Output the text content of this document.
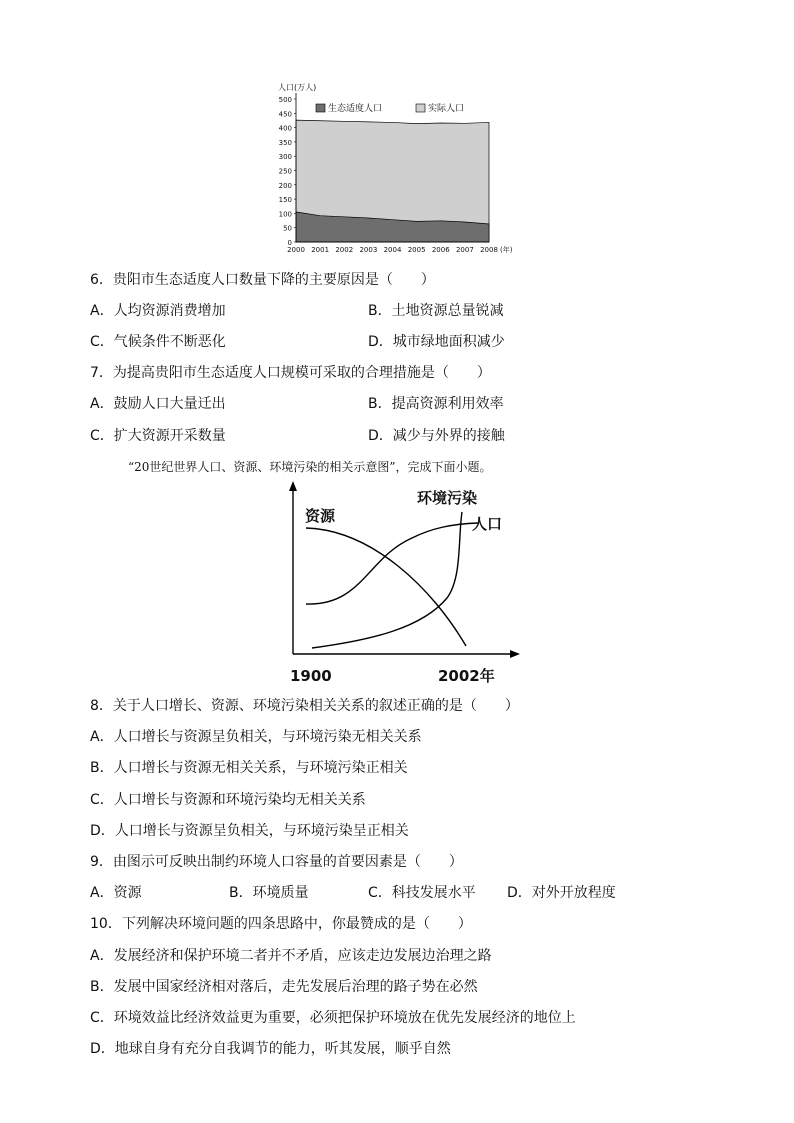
0
50
100
150
200
250
300
350
400
450
500
2000 2001 2002 2003 2004 2005 2006 2007 2008 (年)
人口(万人)
生态适度人口	实际人口
6．贵阳市生态适度人口数量下降的主要原因是（　　）
A．人均资源消费增加	B．土地资源总量锐减
C．气候条件不断恶化	D．城市绿地面积减少
7．为提高贵阳市生态适度人口规模可采取的合理措施是（　　）
A．鼓励人口大量迁出	B．提高资源利用效率
C．扩大资源开采数量	D．减少与外界的接触
“20世纪世界人口、资源、环境污染的相关示意图”，完成下面小题。
资源
环境污染
人口
1900	2002年
8．关于人口增长、资源、环境污染相关关系的叙述正确的是（　　）
A．人口增长与资源呈负相关，与环境污染无相关关系
B．人口增长与资源无相关关系，与环境污染正相关
C．人口增长与资源和环境污染均无相关关系
D．人口增长与资源呈负相关，与环境污染呈正相关
9．由图示可反映出制约环境人口容量的首要因素是（　　）
A．资源	B．环境质量	C．科技发展水平 D．对外开放程度
10．下列解决环境问题的四条思路中，你最赞成的是（　　）
A．发展经济和保护环境二者并不矛盾，应该走边发展边治理之路
B．发展中国家经济相对落后，走先发展后治理的路子势在必然
C．环境效益比经济效益更为重要，必须把保护环境放在优先发展经济的地位上
D．地球自身有充分自我调节的能力，听其发展，顺乎自然
